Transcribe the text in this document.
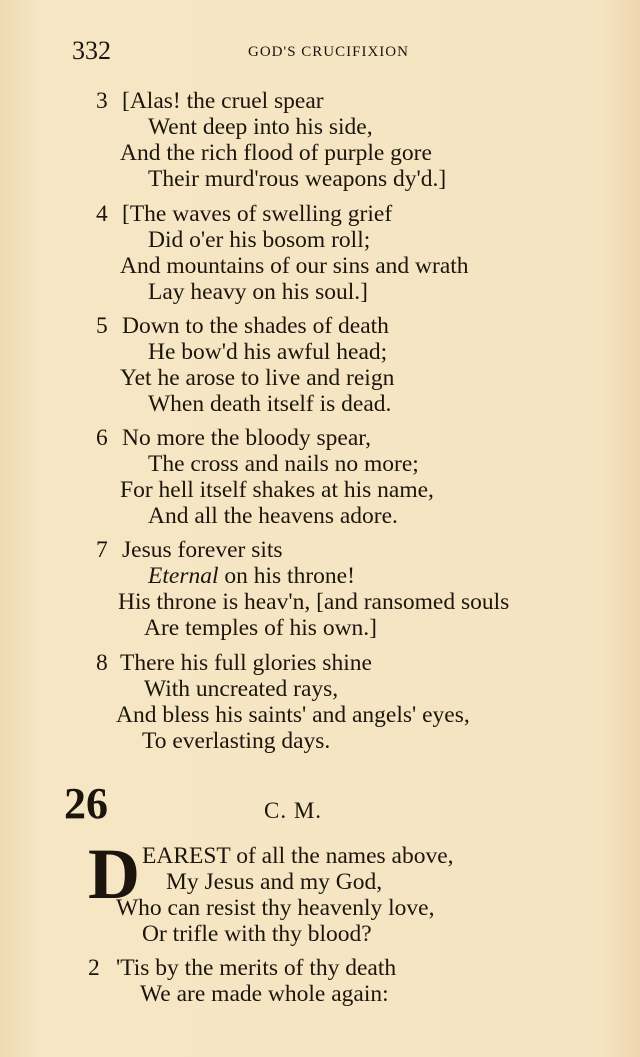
332	GOD'S CRUCIFIXION
3 [Alas! the cruel spear
Went deep into his side,
And the rich flood of purple gore
Their murd'rous weapons dy'd.]
4 [The waves of swelling grief
Did o'er his bosom roll;
And mountains of our sins and wrath
Lay heavy on his soul.]
5 Down to the shades of death
He bow'd his awful head;
Yet he arose to live and reign
When death itself is dead.
6 No more the bloody spear,
The cross and nails no more;
For hell itself shakes at his name,
And all the heavens adore.
7 Jesus forever sits
Eternal on his throne!
His throne is heav'n, [and ransomed souls
Are temples of his own.]
8 There his full glories shine
With uncreated rays,
And bless his saints' and angels' eyes,
To everlasting days.
26	C. M.
D EAREST of all the names above,
My Jesus and my God,
Who can resist thy heavenly love,
Or trifle with thy blood?
2 'Tis by the merits of thy death
We are made whole again:
